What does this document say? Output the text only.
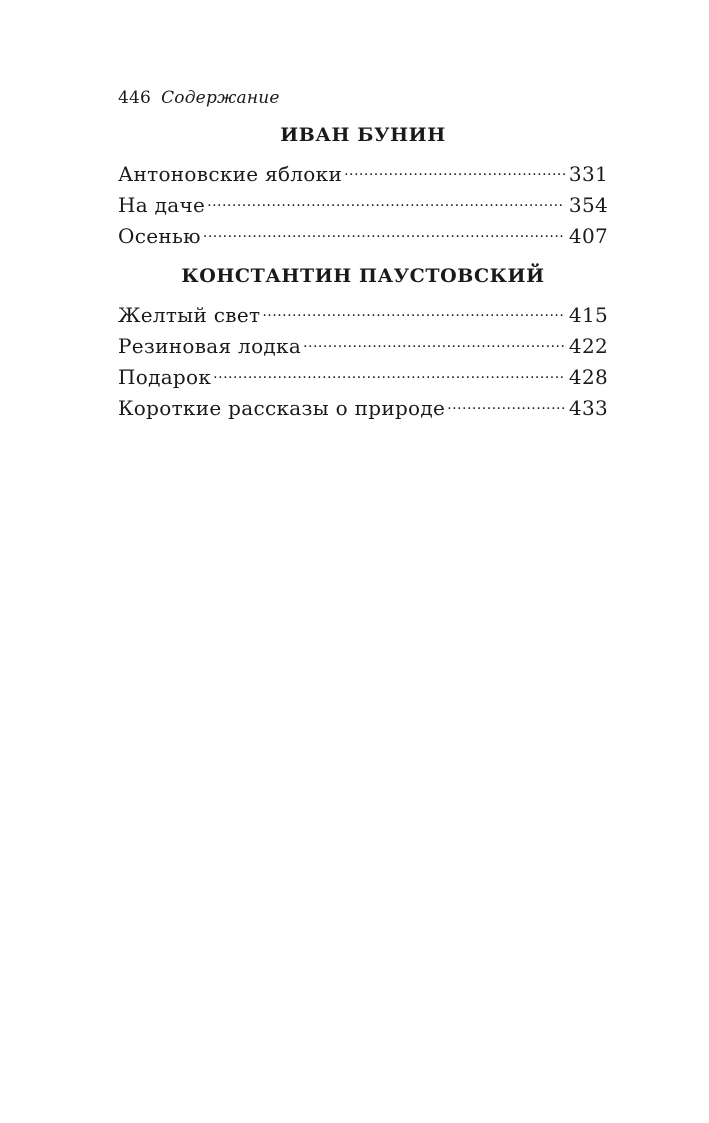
446 Содержание
ИВАН БУНИН
Антоновские яблоки .....	331
На даче .....	354
Осенью .....	407
КОНСТАНТИН ПАУСТОВСКИЙ
Желтый свет .....	415
Резиновая лодка .....	422
Подарок .....	428
Короткие рассказы о природе .....	433
